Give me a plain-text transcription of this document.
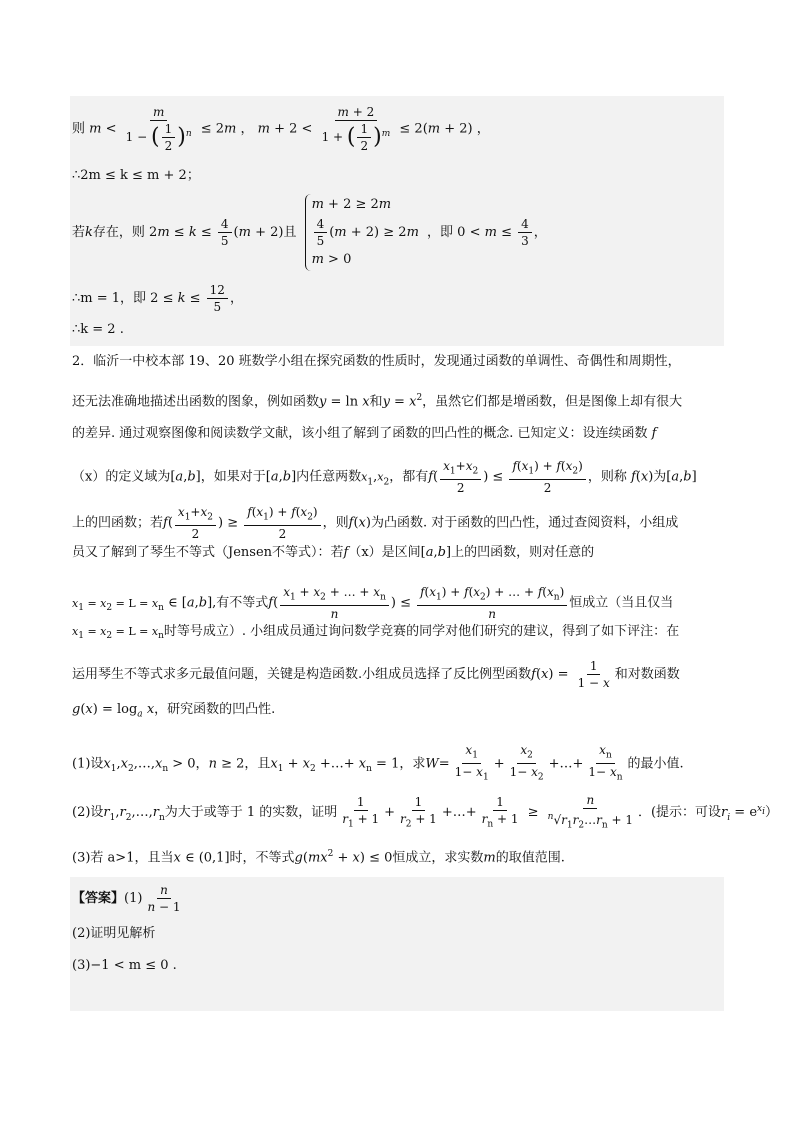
则 $m < \frac{m}{1 - ( \frac{1}{2} )^n} \le 2m$ ， $m + 2 < \frac{m + 2}{1 + ( \frac{1}{2} )^m} \le 2(m + 2)$ ，
∴2m ≤ k ≤ m + 2；
若k存在，则 $2m \le k \le \frac{4}{5} (m + 2)$且
m + 2 ≥ 2m
$\frac{4}{5} (m + 2) \ge 2m$
m > 0
，即 $0 < m \le \frac{4}{3}$ ，
∴m = 1，即 $2 \le k \le \frac{12}{5}$ ，
∴k = 2 .
2．临沂一中校本部 19、20 班数学小组在探究函数的性质时，发现通过函数的单调性、奇偶性和周期性，
还无法准确地描述出函数的图象，例如函数y = ln x和$y = x^2$，虽然它们都是增函数，但是图像上却有很大
的差异. 通过观察图像和阅读数学文献，该小组了解到了函数的凹凸性的概念. 已知定义：设连续函数 f
（x）的定义域为[a,b]，如果对于[a,b]内任意两数$x_1,x_2$，都有$f( \frac{x_1+x_2}{2}$ ) ≤ $\frac{f(x_1) + f(x_2)}{2}$ ，则称 f(x)为[a,b]
上的凹函数；若$f( \frac{x_1+x_2}{2}$ ) ≥ $\frac{f(x_1) + f(x_2)}{2}$ ，则f(x)为凸函数. 对于函数的凹凸性，通过查阅资料，小组成
员又了解到了琴生不等式（Jensen不等式）：若f（x）是区间[a,b]上的凹函数，则对任意的
$x_1 = x_2 = L = x_n$ ∈ [a,b],有不等式$f( \frac{x_1 + x_2 + \dots + x_n}{n}$ ) ≤ $\frac{f(x_1) + f(x_2) + \dots + f(x_n)}{n}$ 恒成立（当且仅当
$x_1 = x_2 = L = x_n$时等号成立）. 小组成员通过询问数学竞赛的同学对他们研究的建议，得到了如下评注：在
运用琴生不等式求多元最值问题，关键是构造函数.小组成员选择了反比例型函数$f(x) = \frac{1}{1 - x}$ 和对数函数
$g(x) = \log_a x$，研究函数的凹凸性.
(1)设$x_1,x_2,\dots,x_n > 0$，n ≥ 2，且$x_1 + x_2$ +…+ $x_n = 1$，求$W= \frac{x_1}{1- x_1} + \frac{x_2}{1- x_2}$ +…+ $\frac{x_n}{1- x_n}$ 的最小值.
(2)设$r_1,r_2,\dots,r_n$为大于或等于 1 的实数，证明 $\frac{1}{r_1 + 1} + \frac{1}{r_2 + 1}$ +…+ $\frac{1}{r_n + 1} \ge \frac{n}{^n√r_1r_2\dots r_n + 1}$ ．(提示：可设$r_i = e^{x_i}$）
(3)若 a>1，且当x ∈ (0,1]时，不等式$g(mx^2 + x) \le 0$恒成立，求实数m的取值范围.
【答案】$(1) \frac{n}{n - 1}$
(2)证明见解析
(3)−1 < m ≤ 0 .
